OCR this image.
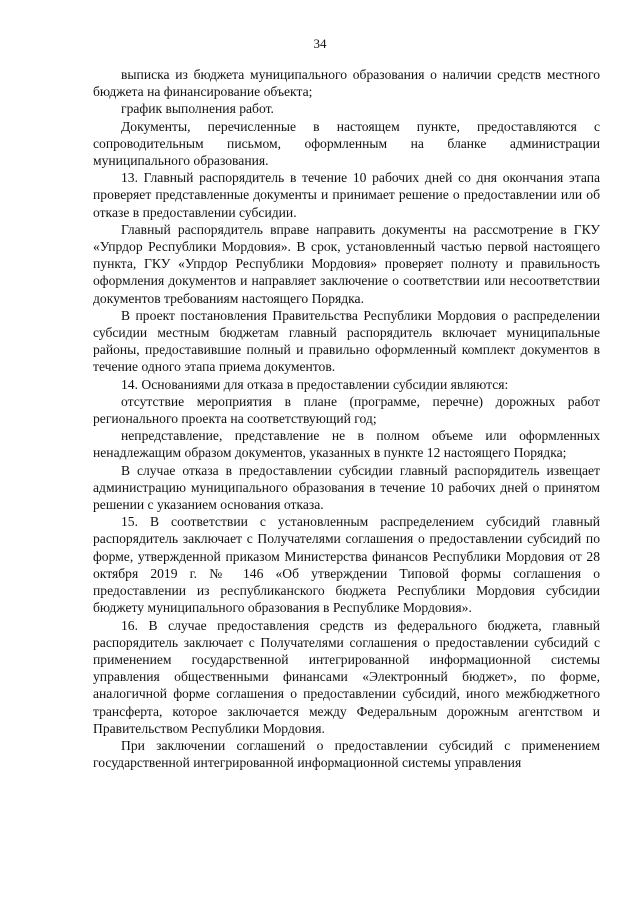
34

выписка из бюджета муниципального образования о наличии средств местного бюджета на финансирование объекта;

график выполнения работ.

Документы, перечисленные в настоящем пункте, предоставляются с сопроводительным письмом, оформленным на бланке администрации муниципального образования.

13. Главный распорядитель в течение 10 рабочих дней со дня окончания этапа проверяет представленные документы и принимает решение о предоставлении или об отказе в предоставлении субсидии.

Главный распорядитель вправе направить документы на рассмотрение в ГКУ «Упрдор Республики Мордовия». В срок, установленный частью первой настоящего пункта, ГКУ «Упрдор Республики Мордовия» проверяет полноту и правильность оформления документов и направляет заключение о соответствии или несоответствии документов требованиям настоящего Порядка.

В проект постановления Правительства Республики Мордовия о распределении субсидии местным бюджетам главный распорядитель включает муниципальные районы, предоставившие полный и правильно оформленный комплект документов в течение одного этапа приема документов.

14. Основаниями для отказа в предоставлении субсидии являются:

отсутствие мероприятия в плане (программе, перечне) дорожных работ регионального проекта на соответствующий год;

непредставление, представление не в полном объеме или оформленных ненадлежащим образом документов, указанных в пункте 12 настоящего Порядка;

В случае отказа в предоставлении субсидии главный распорядитель извещает администрацию муниципального образования в течение 10 рабочих дней о принятом решении с указанием основания отказа.

15. В соответствии с установленным распределением субсидий главный распорядитель заключает с Получателями соглашения о предоставлении субсидий по форме, утвержденной приказом Министерства финансов Республики Мордовия от 28 октября 2019 г. № 146 «Об утверждении Типовой формы соглашения о предоставлении из республиканского бюджета Республики Мордовия субсидии бюджету муниципального образования в Республике Мордовия».

16. В случае предоставления средств из федерального бюджета, главный распорядитель заключает с Получателями соглашения о предоставлении субсидий с применением государственной интегрированной информационной системы управления общественными финансами «Электронный бюджет», по форме, аналогичной форме соглашения о предоставлении субсидий, иного межбюджетного трансферта, которое заключается между Федеральным дорожным агентством и Правительством Республики Мордовия.

При заключении соглашений о предоставлении субсидий с применением государственной интегрированной информационной системы управления
